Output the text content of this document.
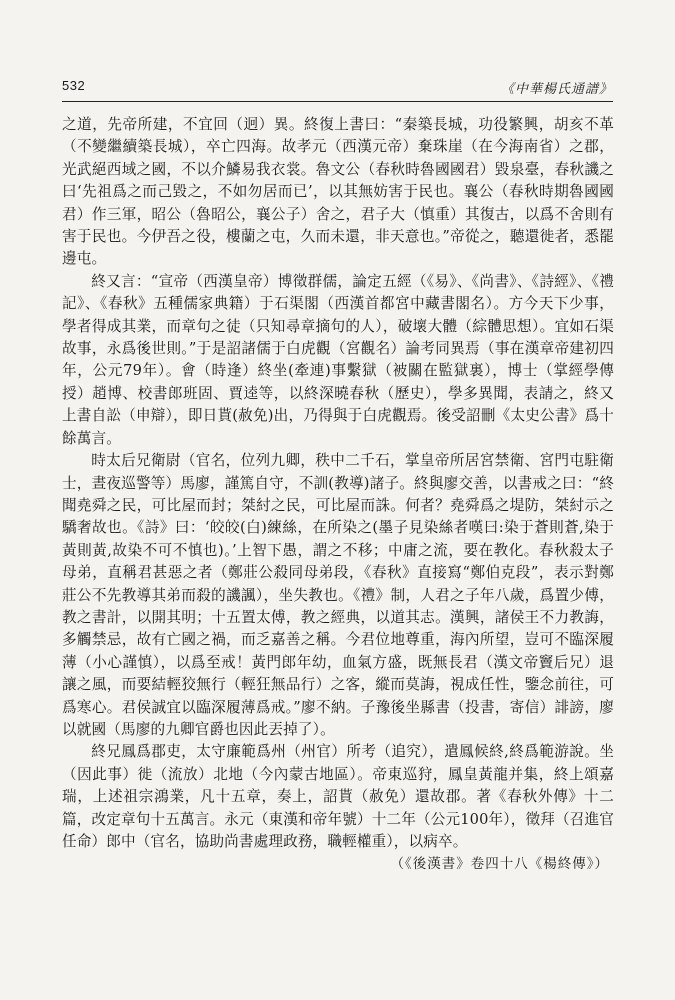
532	《中華楊氏通譜》

之道，先帝所建，不宜回（迥）異。終復上書曰：“秦築長城，功役繁興，胡亥不革（不變繼續築長城），卒亡四海。故孝元（西漢元帝）棄珠崖（在今海南省）之郡，光武絕西域之國，不以介鱗易我衣裳。魯文公（春秋時魯國國君）毀泉臺，春秋譏之曰‘先祖爲之而己毀之，不如勿居而已’，以其無妨害于民也。襄公（春秋時期魯國國君）作三軍，昭公（魯昭公，襄公子）舍之，君子大（慎重）其復古，以爲不舍則有害于民也。今伊吾之役，樓蘭之屯，久而未還，非天意也。”帝從之，聽還徙者，悉罷邊屯。

終又言：“宣帝（西漢皇帝）博徵群儒，論定五經（《易》、《尚書》、《詩經》、《禮記》、《春秋》五種儒家典籍）于石渠閣（西漢首都宮中藏書閣名）。方今天下少事，學者得成其業，而章句之徒（只知尋章摘句的人），破壞大體（綜體思想）。宜如石渠故事，永爲後世則。”于是詔諸儒于白虎觀（宮觀名）論考同異焉（事在漢章帝建初四年，公元79年）。會（時逢）終坐(牽連)事繫獄（被關在監獄裏），博士（掌經學傳授）趙博、校書郎班固、賈逵等，以終深曉春秋（歷史），學多異聞，表請之，終又上書自訟（申辯），即日貰(赦免)出，乃得與于白虎觀焉。後受詔刪《太史公書》爲十餘萬言。

時太后兄衛尉（官名，位列九卿，秩中二千石，掌皇帝所居宮禁衛、宮門屯駐衛士，晝夜巡警等）馬廖，謹篤自守，不訓(教導)諸子。終與廖交善，以書戒之曰：“終聞堯舜之民，可比屋而封；桀紂之民，可比屋而誅。何者？堯舜爲之堤防，桀紂示之驕奢故也。《詩》曰：‘皎皎(白)練絲，在所染之(墨子見染絲者嘆曰:染于蒼則蒼,染于黃則黃,故染不可不慎也)。’上智下愚，謂之不移；中庸之流，要在教化。春秋殺太子母弟，直稱君甚惡之者（鄭莊公殺同母弟段，《春秋》直接寫“鄭伯克段”，表示對鄭莊公不先教導其弟而殺的譏諷），坐失教也。《禮》制，人君之子年八歲，爲置少傅，教之書計，以開其明；十五置太傅，教之經典，以道其志。漢興，諸侯王不力教誨，多觸禁忌，故有亡國之禍，而乏嘉善之稱。今君位地尊重，海內所望，豈可不臨深履薄（小心謹慎），以爲至戒！黃門郎年幼，血氣方盛，既無長君（漢文帝竇后兄）退讓之風，而要結輕狡無行（輕狂無品行）之客，縱而莫誨，視成任性，鑒念前往，可爲寒心。君侯誠宜以臨深履薄爲戒。”廖不納。子豫後坐縣書（投書，寄信）誹謗，廖以就國（馬廖的九卿官爵也因此丟掉了）。

終兄鳳爲郡吏，太守廉範爲州（州官）所考（追究），遣鳳候終,終爲範游說。坐（因此事）徙（流放）北地（今內蒙古地區）。帝東巡狩，鳳皇黃龍并集，終上頌嘉瑞，上述祖宗鴻業，凡十五章，奏上，詔貰（赦免）還故郡。著《春秋外傳》十二篇，改定章句十五萬言。永元（東漢和帝年號）十二年（公元100年），徵拜（召進官任命）郎中（官名，協助尚書處理政務，職輕權重），以病卒。

（《後漢書》卷四十八《楊終傳》）
